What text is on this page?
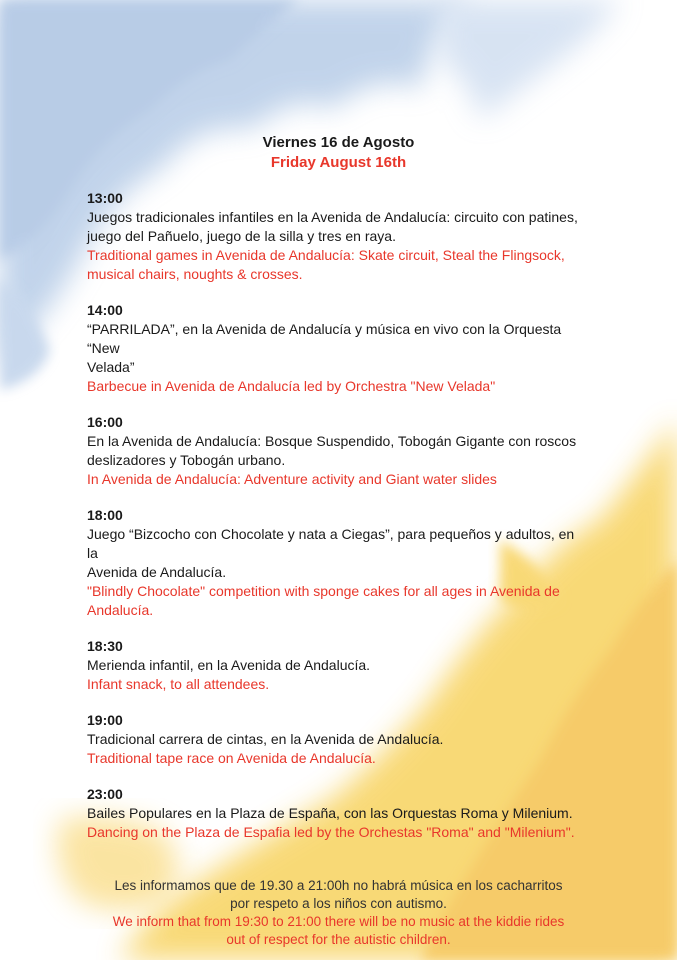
Viernes 16 de Agosto
Friday August 16th
13:00
Juegos tradicionales infantiles en la Avenida de Andalucía: circuito con patines,
juego del Pañuelo, juego de la silla y tres en raya.
Traditional games in Avenida de Andalucía: Skate circuit, Steal the Flingsock,
musical chairs, noughts & crosses.
14:00
“PARRILADA”, en la Avenida de Andalucía y música en vivo con la Orquesta “New
Velada”
Barbecue in Avenida de Andalucía led by Orchestra "New Velada"
16:00
En la Avenida de Andalucía: Bosque Suspendido, Tobogán Gigante con roscos
deslizadores y Tobogán urbano.
In Avenida de Andalucía: Adventure activity and Giant water slides
18:00
Juego “Bizcocho con Chocolate y nata a Ciegas”, para pequeños y adultos, en la
Avenida de Andalucía.
"Blindly Chocolate" competition with sponge cakes for all ages in Avenida de
Andalucía.
18:30
Merienda infantil, en la Avenida de Andalucía.
Infant snack, to all attendees.
19:00
Tradicional carrera de cintas, en la Avenida de Andalucía.
Traditional tape race on Avenida de Andalucía.
23:00
Bailes Populares en la Plaza de España, con las Orquestas Roma y Milenium.
Dancing on the Plaza de Espafia led by the Orchestas "Roma" and "Milenium".
Les informamos que de 19.30 a 21:00h no habrá música en los cacharritos
por respeto a los niños con autismo.
We inform that from 19:30 to 21:00 there will be no music at the kiddie rides
out of respect for the autistic children.
